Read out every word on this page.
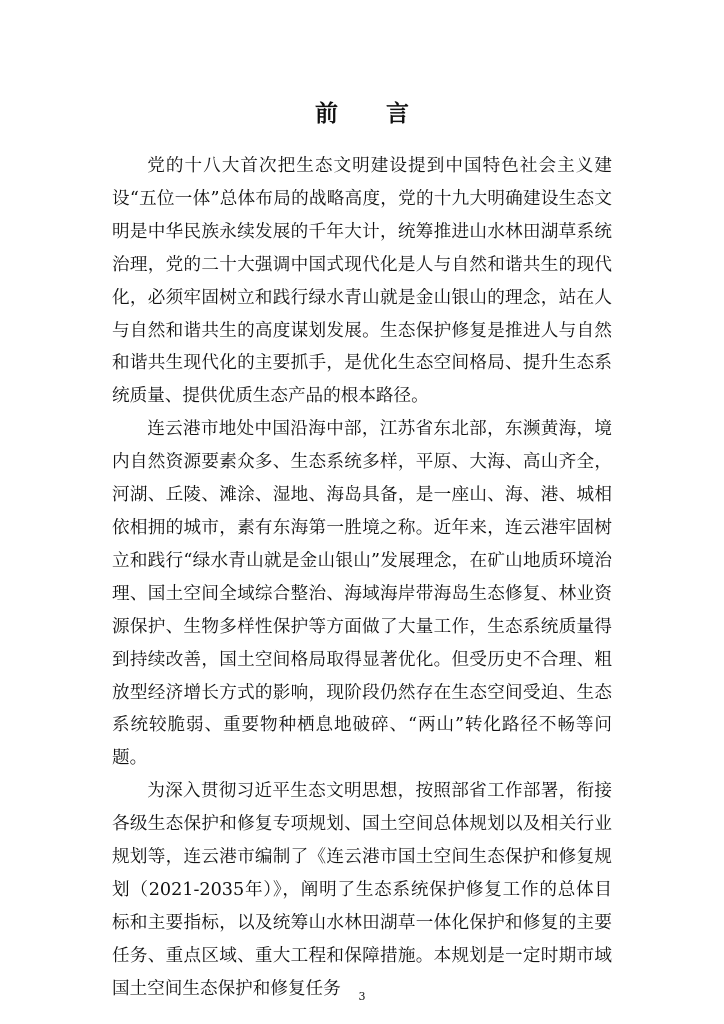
前 言

党的十八大首次把生态文明建设提到中国特色社会主义建设“五位一体”总体布局的战略高度，党的十九大明确建设生态文明是中华民族永续发展的千年大计，统筹推进山水林田湖草系统治理，党的二十大强调中国式现代化是人与自然和谐共生的现代化，必须牢固树立和践行绿水青山就是金山银山的理念，站在人与自然和谐共生的高度谋划发展。生态保护修复是推进人与自然和谐共生现代化的主要抓手，是优化生态空间格局、提升生态系统质量、提供优质生态产品的根本路径。

连云港市地处中国沿海中部，江苏省东北部，东濒黄海，境内自然资源要素众多、生态系统多样，平原、大海、高山齐全，河湖、丘陵、滩涂、湿地、海岛具备，是一座山、海、港、城相依相拥的城市，素有东海第一胜境之称。近年来，连云港牢固树立和践行“绿水青山就是金山银山”发展理念，在矿山地质环境治理、国土空间全域综合整治、海域海岸带海岛生态修复、林业资源保护、生物多样性保护等方面做了大量工作，生态系统质量得到持续改善，国土空间格局取得显著优化。但受历史不合理、粗放型经济增长方式的影响，现阶段仍然存在生态空间受迫、生态系统较脆弱、重要物种栖息地破碎、“两山”转化路径不畅等问题。

为深入贯彻习近平生态文明思想，按照部省工作部署，衔接各级生态保护和修复专项规划、国土空间总体规划以及相关行业规划等，连云港市编制了《连云港市国土空间生态保护和修复规划（2021-2035年）》，阐明了生态系统保护修复工作的总体目标和主要指标，以及统筹山水林田湖草一体化保护和修复的主要任务、重点区域、重大工程和保障措施。本规划是一定时期市域国土空间生态保护和修复任务	3
